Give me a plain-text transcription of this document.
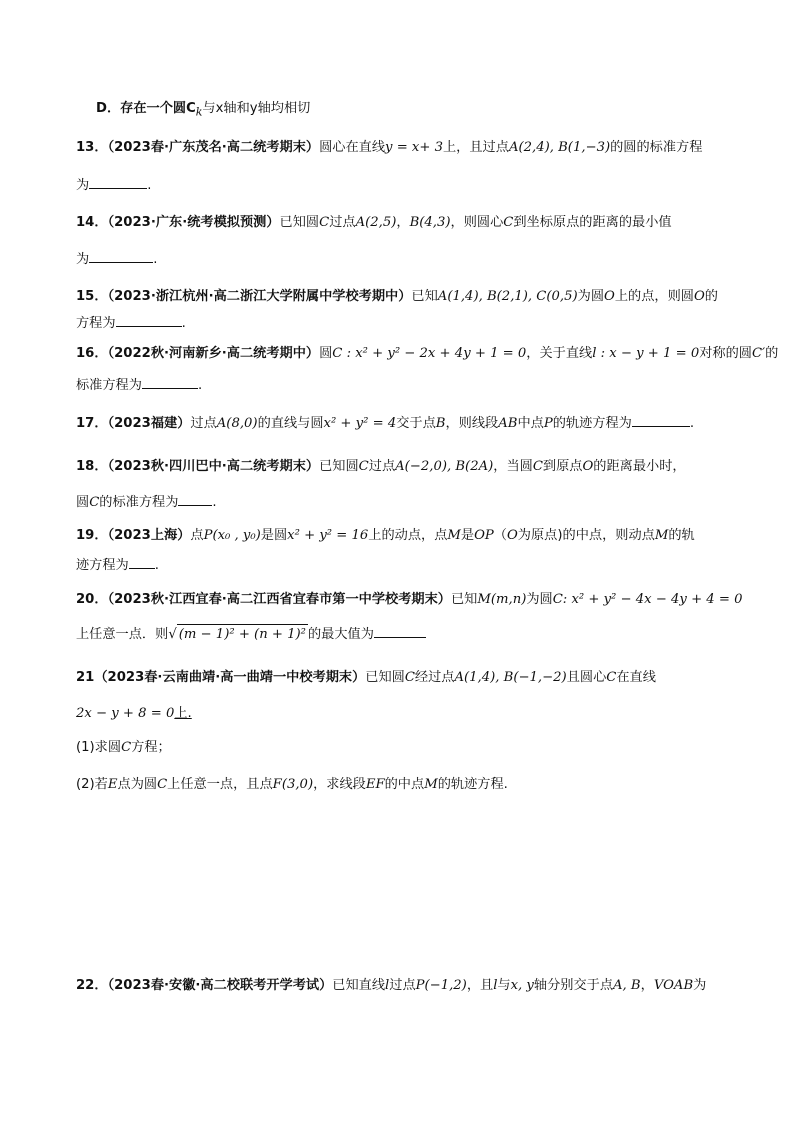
D．存在一个圆$C_k$与x轴和y轴均相切
13．（2023春·广东茂名·高二统考期末）圆心在直线y = x+ 3上，且过点A(2,4), B(1,−3)的圆的标准方程
为	.
14．（2023·广东·统考模拟预测）已知圆C过点A(2,5)，B(4,3)，则圆心C到坐标原点的距离的最小值
为	.
15．（2023·浙江杭州·高二浙江大学附属中学校考期中）已知A(1,4), B(2,1), C(0,5)为圆O上的点，则圆O的
方程为	.
16．（2022秋·河南新乡·高二统考期中）圆C : x² + y² − 2x + 4y + 1 = 0，关于直线l : x − y + 1 = 0对称的圆C′的
标准方程为	.
17．（2023福建）过点A(8,0)的直线与圆x² + y² = 4交于点B，则线段AB中点P的轨迹方程为	.
18．（2023秋·四川巴中·高二统考期末）已知圆C过点A(−2,0), B(2A)，当圆C到原点O的距离最小时，
圆C的标准方程为	.
19．（2023上海）点P(x₀ , y₀)是圆x² + y² = 16上的动点，点M是OP（O为原点)的中点，则动点M的轨
迹方程为 .
20．（2023秋·江西宜春·高二江西省宜春市第一中学校考期末）已知M(m,n)为圆C: x² + y² − 4x − 4y + 4 = 0
上任意一点．则√ (m − 1)² + (n + 1)² 的最大值为
21（2023春·云南曲靖·高一曲靖一中校考期末）已知圆C经过点A(1,4), B(−1,−2)且圆心C在直线
2x − y + 8 = 0上.
(1)求圆C方程；
(2)若E点为圆C上任意一点，且点F(3,0)，求线段EF的中点M的轨迹方程.
22．（2023春·安徽·高二校联考开学考试）已知直线l过点P(−1,2)，且l与x, y轴分别交于点A, B，VOAB为
